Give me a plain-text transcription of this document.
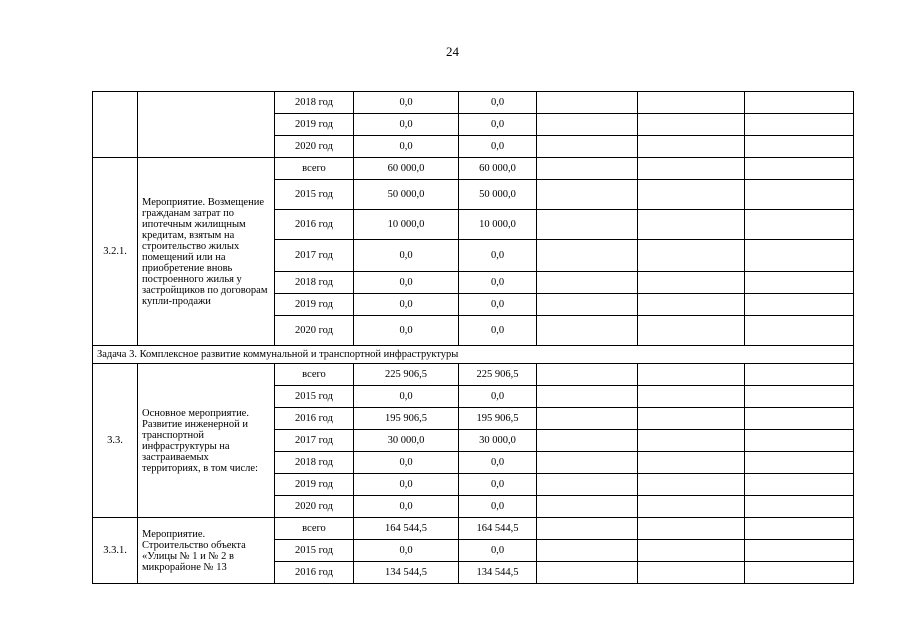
24
		2018 год	0,0	0,0			
		2019 год	0,0	0,0			
		2020 год	0,0	0,0			
3.2.1.	Мероприятие. Возмещение гражданам затрат по ипотечным жилищным кредитам, взятым на строительство жилых помещений или на приобретение вновь построенного жилья у застройщиков по договорам купли-продажи	всего	60 000,0	60 000,0			
		2015 год	50 000,0	50 000,0			
		2016 год	10 000,0	10 000,0			
		2017 год	0,0	0,0			
		2018 год	0,0	0,0			
		2019 год	0,0	0,0			
		2020 год	0,0	0,0			
Задача 3. Комплексное развитие коммунальной и транспортной инфраструктуры							
3.3.	Основное мероприятие. Развитие инженерной и транспортной инфраструктуры на застраиваемых территориях, в том числе:	всего	225 906,5	225 906,5			
		2015 год	0,0	0,0			
		2016 год	195 906,5	195 906,5			
		2017 год	30 000,0	30 000,0			
		2018 год	0,0	0,0			
		2019 год	0,0	0,0			
		2020 год	0,0	0,0			
3.3.1.	Мероприятие. Строительство объекта «Улицы № 1 и № 2 в микрорайоне № 13	всего	164 544,5	164 544,5			
		2015 год	0,0	0,0			
		2016 год	134 544,5	134 544,5			
